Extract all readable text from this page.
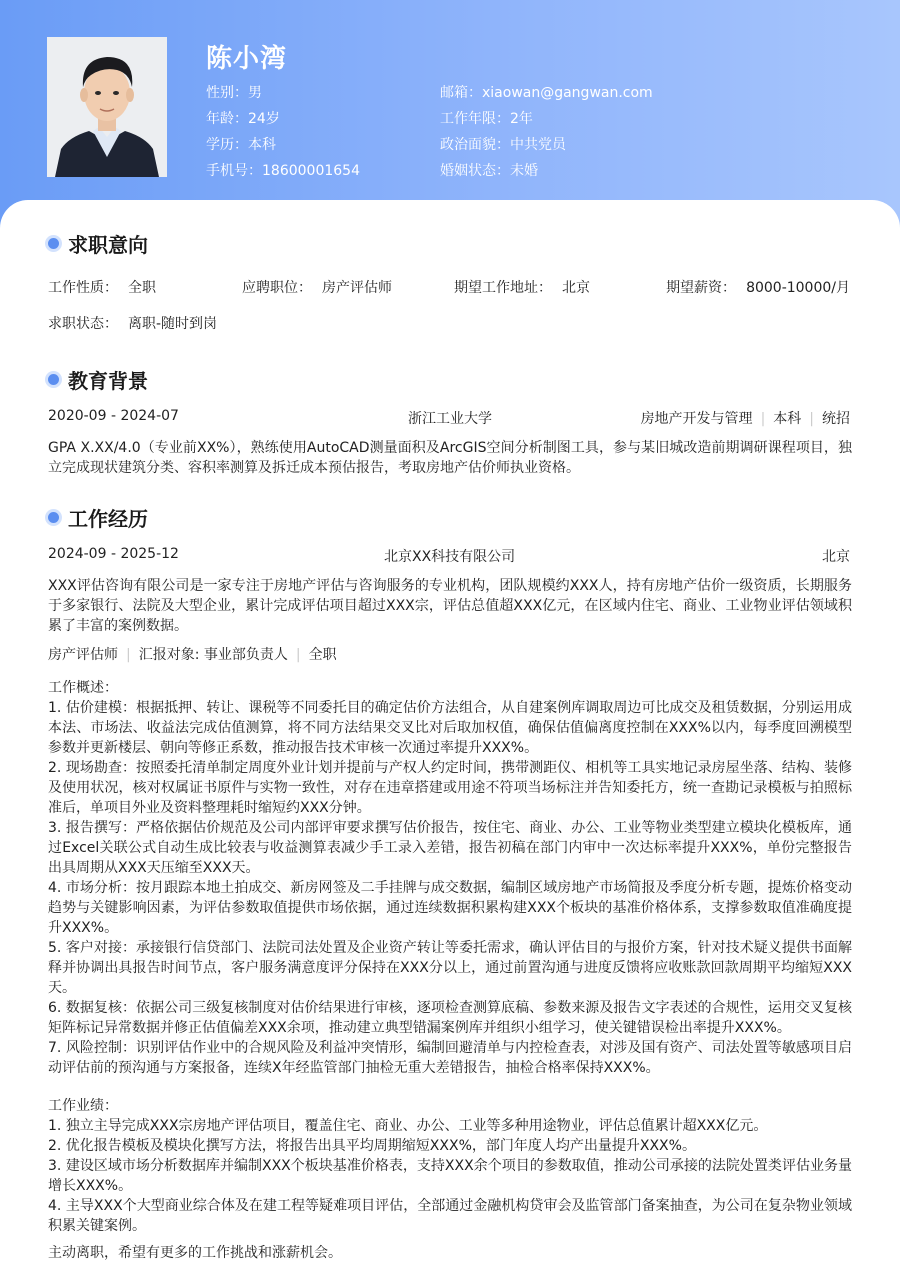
陈小湾
性别：男
年龄：24岁
学历：本科
手机号：18600001654
邮箱：xiaowan@gangwan.com
工作年限：2年
政治面貌：中共党员
婚姻状态：未婚
求职意向
工作性质： 全职	应聘职位： 房产评估师	期望工作地址： 北京	期望薪资： 8000-10000/月
求职状态： 离职-随时到岗
教育背景
2020-09 - 2024-07	浙江工业大学	房地产开发与管理 | 本科 | 统招
GPA X.XX/4.0（专业前XX%），熟练使用AutoCAD测量面积及ArcGIS空间分析制图工具，参与某旧城改造前期调研课程项目，独立完成现状建筑分类、容积率测算及拆迁成本预估报告，考取房地产估价师执业资格。
工作经历
2024-09 - 2025-12	北京XX科技有限公司	北京
XXX评估咨询有限公司是一家专注于房地产评估与咨询服务的专业机构，团队规模约XXX人，持有房地产估价一级资质，长期服务于多家银行、法院及大型企业，累计完成评估项目超过XXX宗，评估总值超XXX亿元，在区域内住宅、商业、工业物业评估领域积累了丰富的案例数据。
房产评估师 | 汇报对象: 事业部负责人 | 全职

工作概述：

1. 估价建模：根据抵押、转让、课税等不同委托目的确定估价方法组合，从自建案例库调取周边可比成交及租赁数据，分别运用成本法、市场法、收益法完成估值测算，将不同方法结果交叉比对后取加权值，确保估值偏离度控制在XXX%以内，每季度回溯模型参数并更新楼层、朝向等修正系数，推动报告技术审核一次通过率提升XXX%。

2. 现场勘查：按照委托清单制定周度外业计划并提前与产权人约定时间，携带测距仪、相机等工具实地记录房屋坐落、结构、装修及使用状况，核对权属证书原件与实物一致性，对存在违章搭建或用途不符项当场标注并告知委托方，统一查勘记录模板与拍照标准后，单项目外业及资料整理耗时缩短约XXX分钟。

3. 报告撰写：严格依据估价规范及公司内部评审要求撰写估价报告，按住宅、商业、办公、工业等物业类型建立模块化模板库，通过Excel关联公式自动生成比较表与收益测算表减少手工录入差错，报告初稿在部门内审中一次达标率提升XXX%，单份完整报告出具周期从XXX天压缩至XXX天。

4. 市场分析：按月跟踪本地土拍成交、新房网签及二手挂牌与成交数据，编制区域房地产市场简报及季度分析专题，提炼价格变动趋势与关键影响因素，为评估参数取值提供市场依据，通过连续数据积累构建XXX个板块的基准价格体系，支撑参数取值准确度提升XXX%。

5. 客户对接：承接银行信贷部门、法院司法处置及企业资产转让等委托需求，确认评估目的与报价方案，针对技术疑义提供书面解释并协调出具报告时间节点，客户服务满意度评分保持在XXX分以上，通过前置沟通与进度反馈将应收账款回款周期平均缩短XXX天。

6. 数据复核：依据公司三级复核制度对估价结果进行审核，逐项检查测算底稿、参数来源及报告文字表述的合规性，运用交叉复核矩阵标记异常数据并修正估值偏差XXX余项，推动建立典型错漏案例库并组织小组学习，使关键错误检出率提升XXX%。

7. 风险控制：识别评估作业中的合规风险及利益冲突情形，编制回避清单与内控检查表，对涉及国有资产、司法处置等敏感项目启动评估前的预沟通与方案报备，连续X年经监管部门抽检无重大差错报告，抽检合格率保持XXX%。

工作业绩：

1. 独立主导完成XXX宗房地产评估项目，覆盖住宅、商业、办公、工业等多种用途物业，评估总值累计超XXX亿元。

2. 优化报告模板及模块化撰写方法，将报告出具平均周期缩短XXX%，部门年度人均产出量提升XXX%。

3. 建设区域市场分析数据库并编制XXX个板块基准价格表，支持XXX余个项目的参数取值，推动公司承接的法院处置类评估业务量增长XXX%。

4. 主导XXX个大型商业综合体及在建工程等疑难项目评估，全部通过金融机构贷审会及监管部门备案抽查，为公司在复杂物业领域积累关键案例。

主动离职，希望有更多的工作挑战和涨薪机会。
